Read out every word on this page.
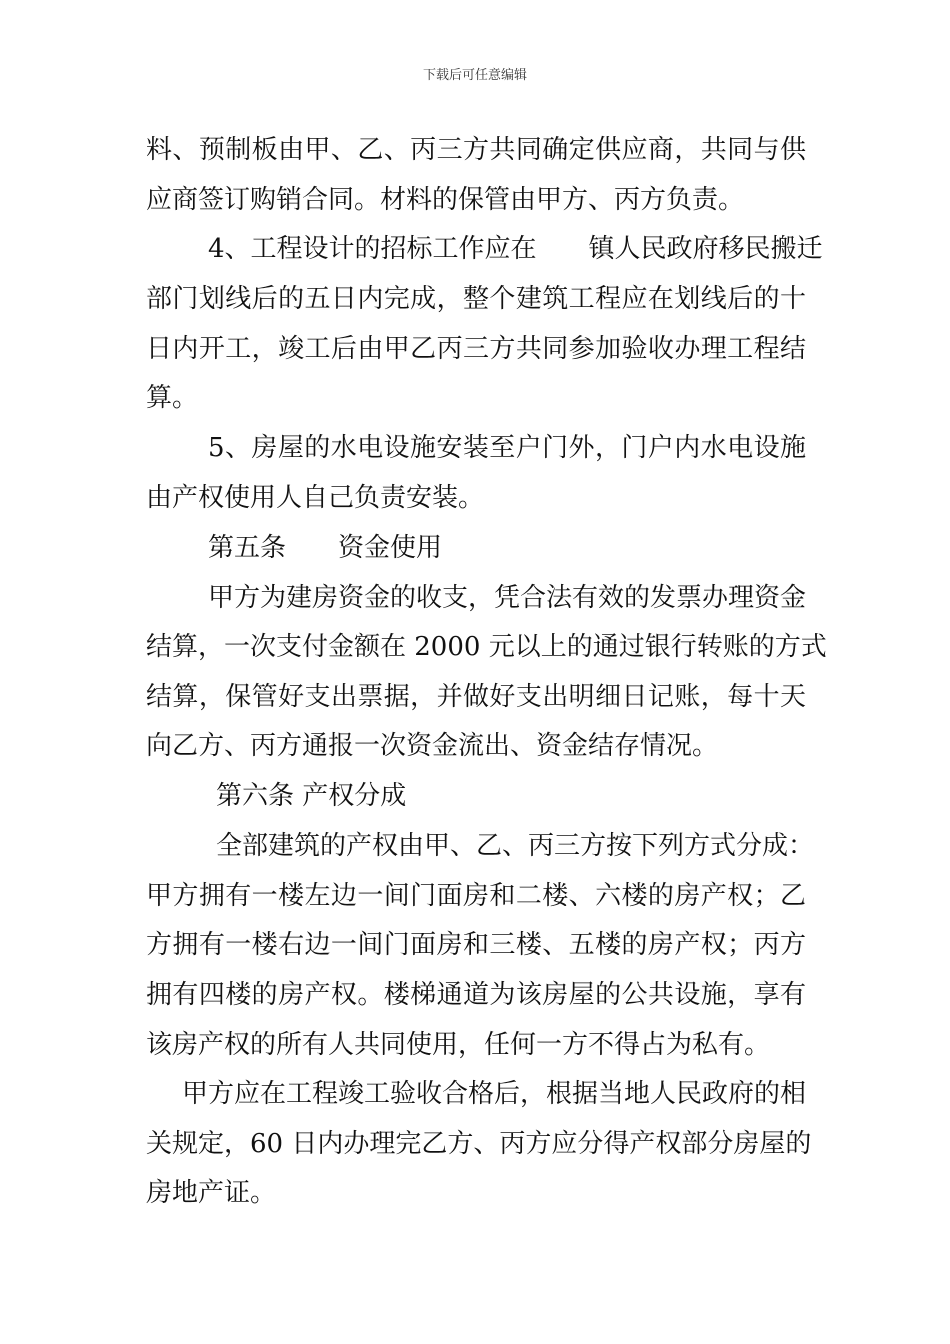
下载后可任意编辑
料、预制板由甲、乙、丙三方共同确定供应商，共同与供
应商签订购销合同。材料的保管由甲方、丙方负责。
4、工程设计的招标工作应在　　镇人民政府移民搬迁
部门划线后的五日内完成，整个建筑工程应在划线后的十
日内开工，竣工后由甲乙丙三方共同参加验收办理工程结
算。
5、房屋的水电设施安装至户门外，门户内水电设施
由产权使用人自己负责安装。
第五条　　资金使用
甲方为建房资金的收支，凭合法有效的发票办理资金
结算，一次支付金额在 2000 元以上的通过银行转账的方式
结算，保管好支出票据，并做好支出明细日记账，每十天
向乙方、丙方通报一次资金流出、资金结存情况。
第六条 产权分成
全部建筑的产权由甲、乙、丙三方按下列方式分成：
甲方拥有一楼左边一间门面房和二楼、六楼的房产权；乙
方拥有一楼右边一间门面房和三楼、五楼的房产权；丙方
拥有四楼的房产权。楼梯通道为该房屋的公共设施，享有
该房产权的所有人共同使用，任何一方不得占为私有。
甲方应在工程竣工验收合格后，根据当地人民政府的相
关规定，60 日内办理完乙方、丙方应分得产权部分房屋的
房地产证。
